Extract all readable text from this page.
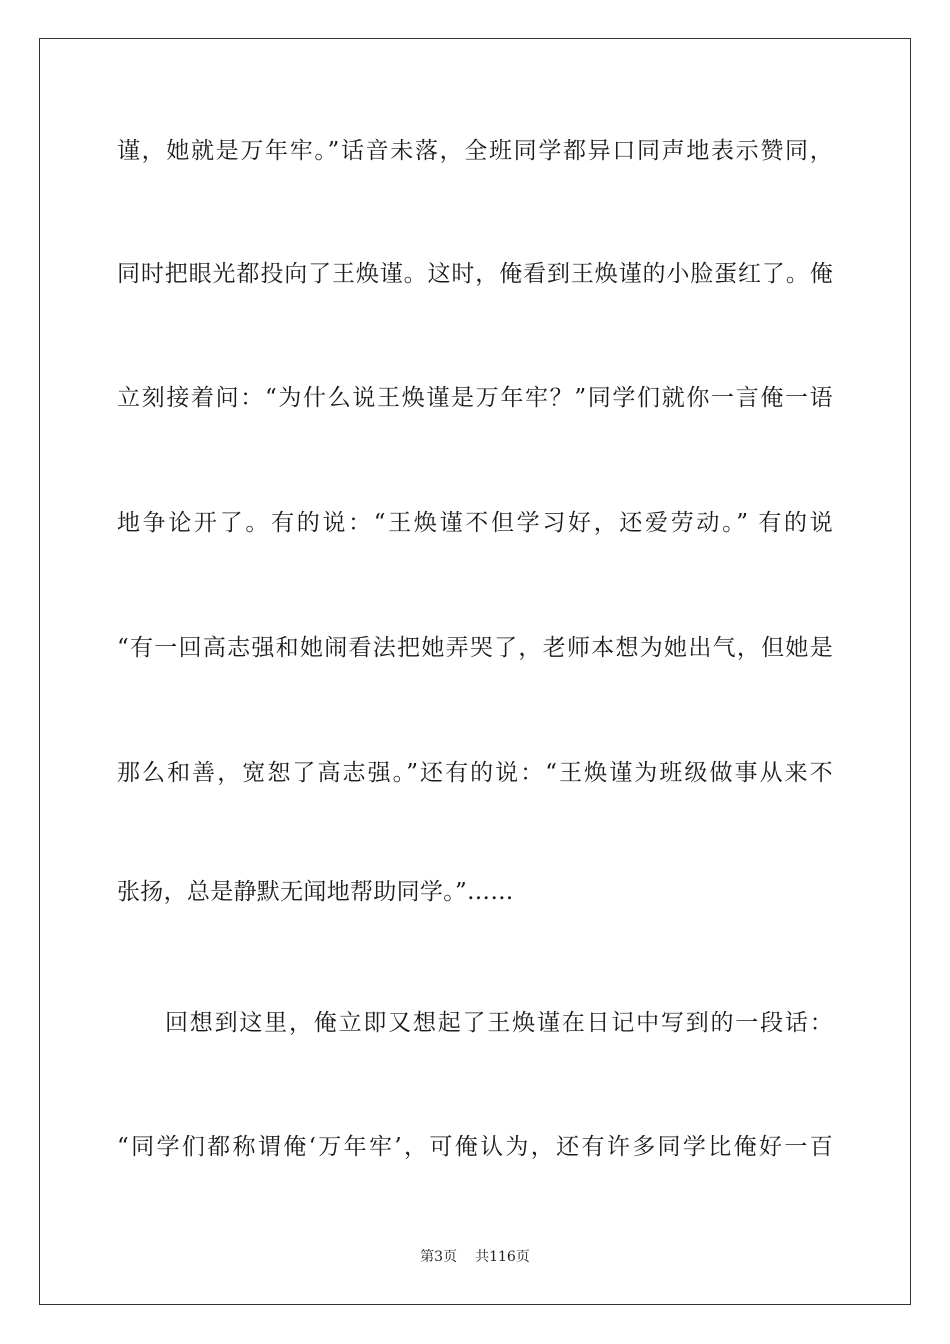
谨，她就是万年牢。”话音未落，全班同学都异口同声地表示赞同，
同时把眼光都投向了王焕谨。这时，俺看到王焕谨的小脸蛋红了。俺
立刻接着问：“为什么说王焕谨是万年牢？”同学们就你一言俺一语
地争论开了。有的说：“王焕谨不但学习好，还爱劳动。” 有的说
“有一回高志强和她闹看法把她弄哭了，老师本想为她出气，但她是
那么和善，宽恕了高志强。”还有的说：“王焕谨为班级做事从来不
张扬，总是静默无闻地帮助同学。”……
回想到这里，俺立即又想起了王焕谨在日记中写到的一段话：
“同学们都称谓俺‘万年牢’，可俺认为，还有许多同学比俺好一百
第3页 共116页
